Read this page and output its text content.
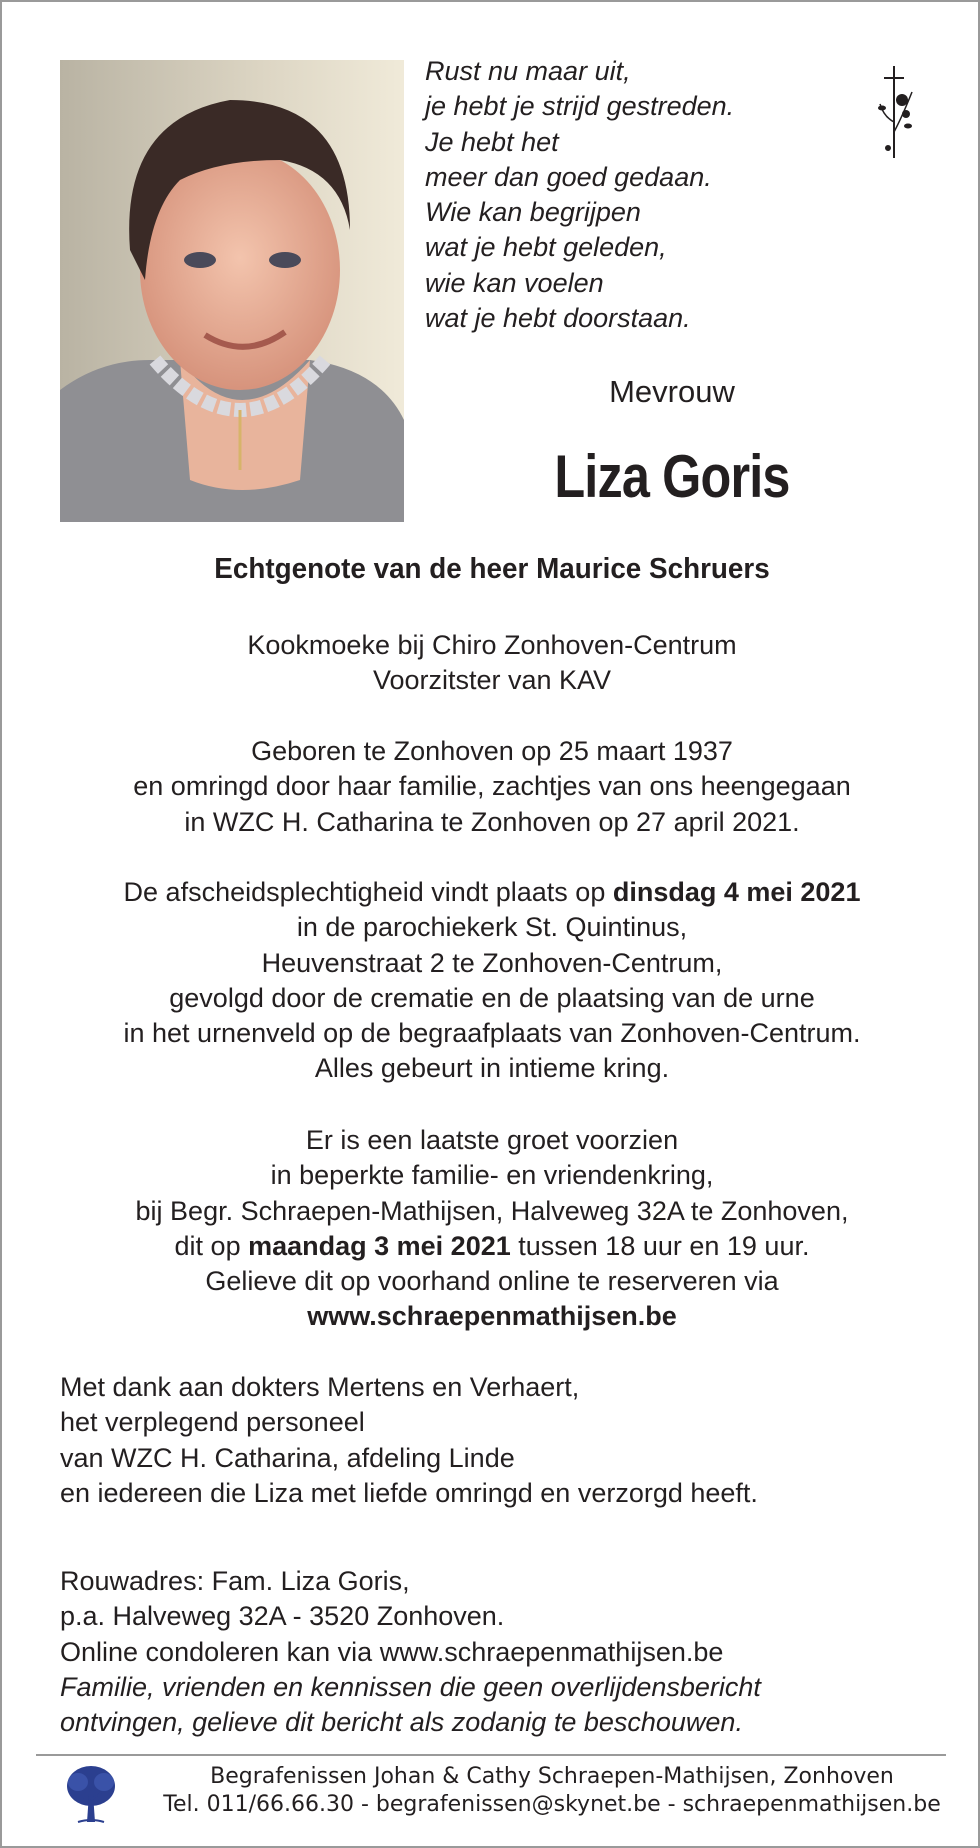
Rust nu maar uit,
je hebt je strijd gestreden.
Je hebt het
meer dan goed gedaan.
Wie kan begrijpen
wat je hebt geleden,
wie kan voelen
wat je hebt doorstaan.
Mevrouw
Liza Goris
Echtgenote van de heer Maurice Schruers
Kookmoeke bij Chiro Zonhoven-Centrum
Voorzitster van KAV
Geboren te Zonhoven op 25 maart 1937
en omringd door haar familie, zachtjes van ons heengegaan
in WZC H. Catharina te Zonhoven op 27 april 2021.
De afscheidsplechtigheid vindt plaats op dinsdag 4 mei 2021
in de parochiekerk St. Quintinus,
Heuvenstraat 2 te Zonhoven-Centrum,
gevolgd door de crematie en de plaatsing van de urne
in het urnenveld op de begraafplaats van Zonhoven-Centrum.
Alles gebeurt in intieme kring.
Er is een laatste groet voorzien
in beperkte familie- en vriendenkring,
bij Begr. Schraepen-Mathijsen, Halveweg 32A te Zonhoven,
dit op maandag 3 mei 2021 tussen 18 uur en 19 uur.
Gelieve dit op voorhand online te reserveren via
www.schraepenmathijsen.be
Met dank aan dokters Mertens en Verhaert,
het verplegend personeel
van WZC H. Catharina, afdeling Linde
en iedereen die Liza met liefde omringd en verzorgd heeft.
Rouwadres: Fam. Liza Goris,
p.a. Halveweg 32A - 3520 Zonhoven.
Online condoleren kan via www.schraepenmathijsen.be
Familie, vrienden en kennissen die geen overlijdensbericht
ontvingen, gelieve dit bericht als zodanig te beschouwen.
Begrafenissen Johan & Cathy Schraepen-Mathijsen, Zonhoven
Tel. 011/66.66.30 - begrafenissen@skynet.be - schraepenmathijsen.be
